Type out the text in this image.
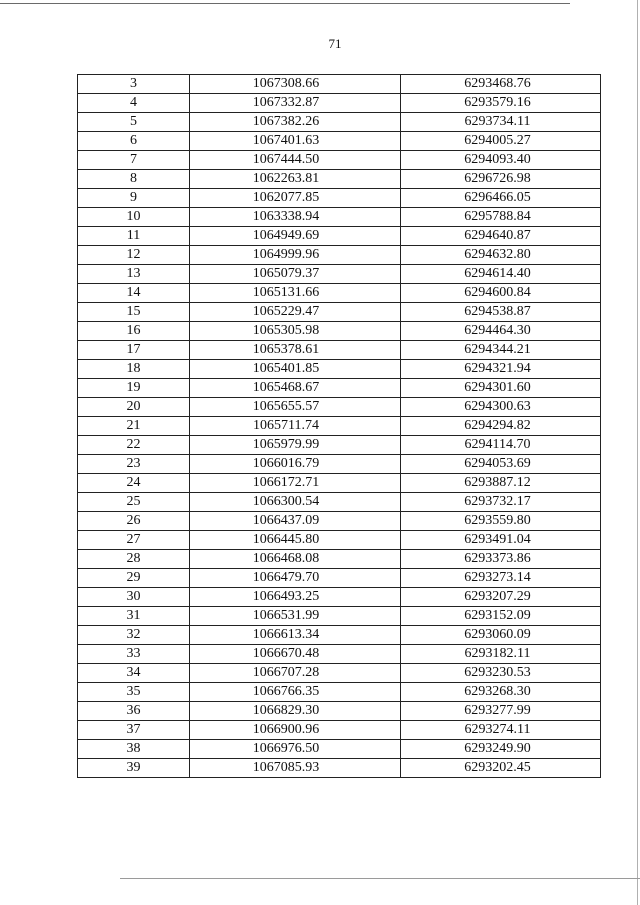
71
3	1067308.66	6293468.76
4	1067332.87	6293579.16
5	1067382.26	6293734.11
6	1067401.63	6294005.27
7	1067444.50	6294093.40
8	1062263.81	6296726.98
9	1062077.85	6296466.05
10	1063338.94	6295788.84
11	1064949.69	6294640.87
12	1064999.96	6294632.80
13	1065079.37	6294614.40
14	1065131.66	6294600.84
15	1065229.47	6294538.87
16	1065305.98	6294464.30
17	1065378.61	6294344.21
18	1065401.85	6294321.94
19	1065468.67	6294301.60
20	1065655.57	6294300.63
21	1065711.74	6294294.82
22	1065979.99	6294114.70
23	1066016.79	6294053.69
24	1066172.71	6293887.12
25	1066300.54	6293732.17
26	1066437.09	6293559.80
27	1066445.80	6293491.04
28	1066468.08	6293373.86
29	1066479.70	6293273.14
30	1066493.25	6293207.29
31	1066531.99	6293152.09
32	1066613.34	6293060.09
33	1066670.48	6293182.11
34	1066707.28	6293230.53
35	1066766.35	6293268.30
36	1066829.30	6293277.99
37	1066900.96	6293274.11
38	1066976.50	6293249.90
39	1067085.93	6293202.45
